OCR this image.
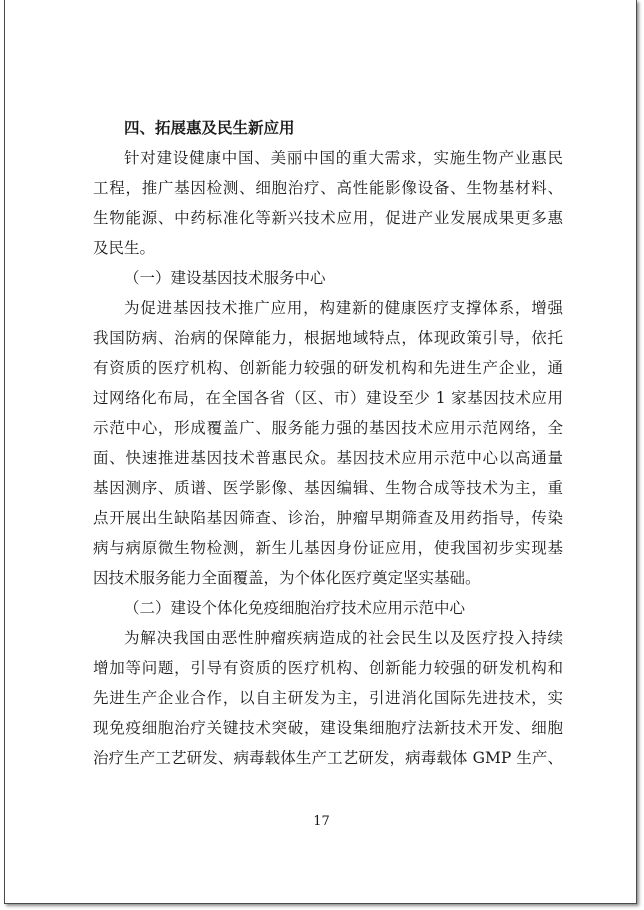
四、拓展惠及民生新应用
针对建设健康中国、美丽中国的重大需求，实施生物产业惠民
工程，推广基因检测、细胞治疗、高性能影像设备、生物基材料、
生物能源、中药标准化等新兴技术应用，促进产业发展成果更多惠
及民生。
（一）建设基因技术服务中心
为促进基因技术推广应用，构建新的健康医疗支撑体系，增强
我国防病、治病的保障能力，根据地域特点，体现政策引导，依托
有资质的医疗机构、创新能力较强的研发机构和先进生产企业，通
过网络化布局，在全国各省（区、市）建设至少 1 家基因技术应用
示范中心，形成覆盖广、服务能力强的基因技术应用示范网络，全
面、快速推进基因技术普惠民众。基因技术应用示范中心以高通量
基因测序、质谱、医学影像、基因编辑、生物合成等技术为主，重
点开展出生缺陷基因筛查、诊治，肿瘤早期筛查及用药指导，传染
病与病原微生物检测，新生儿基因身份证应用，使我国初步实现基
因技术服务能力全面覆盖，为个体化医疗奠定坚实基础。
（二）建设个体化免疫细胞治疗技术应用示范中心
为解决我国由恶性肿瘤疾病造成的社会民生以及医疗投入持续
增加等问题，引导有资质的医疗机构、创新能力较强的研发机构和
先进生产企业合作，以自主研发为主，引进消化国际先进技术，实
现免疫细胞治疗关键技术突破，建设集细胞疗法新技术开发、细胞
治疗生产工艺研发、病毒载体生产工艺研发，病毒载体 GMP 生产、
17
